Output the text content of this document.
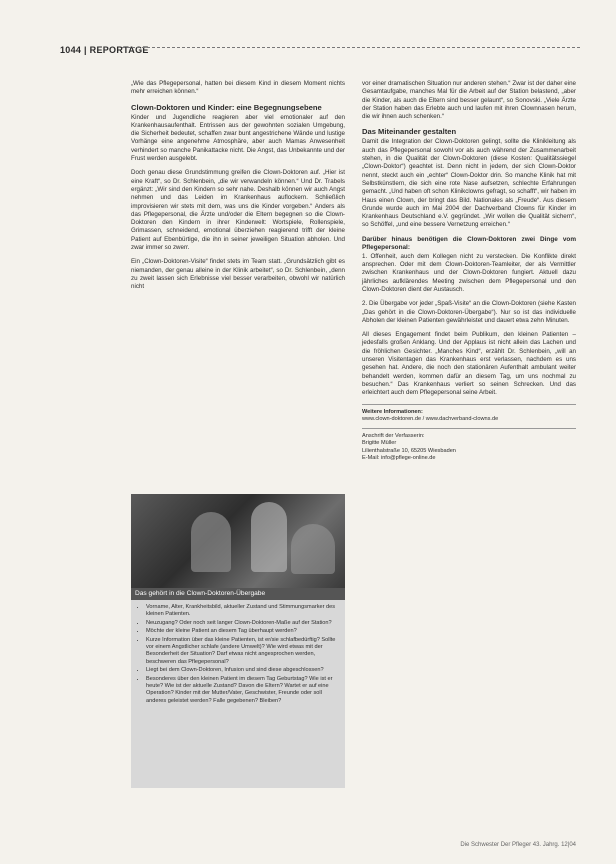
1044 | REPORTAGE

„Wie das Pflegepersonal, hatten bei diesem Kind in diesem Moment nichts mehr erreichen können.“

Clown-Doktoren und Kinder: eine Begegnungsebene

Kinder und Jugendliche reagieren aber viel emotionaler auf den Krankenhausaufenthalt. Entrissen aus der gewohnten sozialen Umgebung, die Sicherheit bedeutet, schaffen zwar bunt angestrichene Wände und lustige Vorhänge eine angenehme Atmosphäre, aber auch Mamas Anwesenheit verhindert so manche Panikattacke nicht. Die Angst, das Unbekannte und der Frust werden ausgelebt.

Doch genau diese Grundstimmung greifen die Clown-Doktoren auf. „Hier ist eine Kraft“, so Dr. Schlenbein, „die wir verwandeln können.“ Und Dr. Trabels ergänzt: „Wir sind den Kindern so sehr nahe. Deshalb können wir auch Angst nehmen und das Leiden im Krankenhaus auflockern. Schließlich improvisieren wir stets mit dem, was uns die Kinder vorgeben.“ Anders als das Pflegepersonal, die Ärzte und/oder die Eltern begegnen so die Clown-Doktoren den Kindern in ihrer Kinderwelt: Wortspiele, Rollenspiele, Grimassen, schneidend, emotional überziehen reagierend trifft der kleine Patient auf Ebenbürtige, die ihn in seiner jeweiligen Situation abholen. Und zwar immer so zwerr.

Ein „Clown-Doktoren-Visite“ findet stets im Team statt. „Grundsätzlich gibt es niemanden, der genau alleine in der Klinik arbeitet“, so Dr. Schlenbein, „denn zu zweit lassen sich Erlebnisse viel besser verarbeiten, obwohl wir natürlich nicht

Das gehört in die Clown-Doktoren-Übergabe
• Vorname, Alter, Krankheitsbild, aktueller Zustand und Stimmungsmarker des kleinen Patienten.
• Neuzugang? Oder noch seit langer Clown-Doktoren-Maße auf der Station?
• Möchte der kleine Patient an diesem Tag überhaupt werden?
• Kurze Information über das kleine Patienten, ist er/sie schlafbedürftig? Sollte vor einem Angstlicher schlafe (andere Umwelt)? Wie wird etwas mit der Besonderheit der Situation? Darf etwas nicht angesprochen werden, beschweren das Pflegepersonal?
• Liegt bei dem Clown-Doktoren, Infusion und sind diese abgeschlossen?
• Besonderes über den kleinen Patient im diesem Tag Geburtstag? Wie ist er heute? Wie ist der aktuelle Zustand? Davon die Eltern? Wartet er auf eine Operation? Kinder mit der Mutter/Vater, Geschwister, Freunde oder soll anderes geleistet werden? Falle gegebenen? Bleiben?

vor einer dramatischen Situation nur anderen stehen.“ Zwar ist der daher eine Gesamtaufgabe, manches Mal für die Arbeit auf der Station belastend, „aber die Kinder, als auch die Eltern sind besser gelaunt“, so Sonovski. „Viele Ärzte der Station haben das Erlebte auch und laufen mit ihren Clownnasen herum, die wir ihnen auch schenken.“

Das Miteinander gestalten

Damit die Integration der Clown-Doktoren gelingt, sollte die Klinikleitung als auch das Pflegepersonal sowohl vor als auch während der Zusammenarbeit stehen, in die Qualität der Clown-Doktoren (diese Kosten: Qualitätssiegel „Clown-Doktor“) geachtet ist. Denn nicht in jedem, der sich Clown-Doktor nennt, steckt auch ein „echter“ Clown-Doktor drin. So manche Klinik hat mit Selbstkünstlern, die sich eine rote Nase aufsetzen, schlechte Erfahrungen gemacht. „Und haben oft schon Klinikclowns gefragt, so schafft“, wir haben im Haus einen Clown, der bringt das Bild. Nationales als „Freude“. Aus diesem Grunde wurde auch im Mai 2004 der Dachverband Clowns für Kinder im Krankenhaus Deutschland e.V. gegründet. „Wir wollen die Qualität sichern“, so Schöffel, „und eine bessere Vernetzung erreichen.“

Darüber hinaus benötigen die Clown-Doktoren zwei Dinge vom Pflegepersonal:

1. Offenheit, auch dem Kollegen nicht zu verstecken. Die Konflikte direkt ansprechen. Oder mit dem Clown-Doktoren-Teamleiter, der als Vermittler zwischen Krankenhaus und der Clown-Doktoren fungiert. Aktuell dazu jährliches aufklärendes Meeting zwischen dem Pflegepersonal und den Clown-Doktoren dient der Austausch.

2. Die Übergabe vor jeder „Spaß-Visite“ an die Clown-Doktoren (siehe Kasten „Das gehört in die Clown-Doktoren-Übergabe“). Nur so ist das individuelle Abholen der kleinen Patienten gewährleistet und dauert etwa zehn Minuten.

All dieses Engagement findet beim Publikum, den kleinen Patienten – jedesfalls großen Anklang. Und der Applaus ist nicht allein das Lachen und die fröhlichen Gesichter. „Manches Kind“, erzählt Dr. Schlenbein, „will an unseren Visitentagen das Krankenhaus erst verlassen, nachdem es uns gesehen hat. Andere, die noch den stationären Aufenthalt ambulant weiter behandelt werden, kommen dafür an diesem Tag, um uns nochmal zu besuchen.“ Das Krankenhaus verliert so seinen Schrecken. Und das erleichtert auch dem Pflegepersonal seine Arbeit.

Weitere Informationen:
www.clown-doktoren.de / www.dachverband-clowns.de
Anschrift der Verfasserin:
Brigitte Müller
Lilienthalstraße 10, 65205 Wiesbaden
E-Mail: info@pflege-online.de
Die Schwester Der Pfleger 43. Jahrg. 12|04
